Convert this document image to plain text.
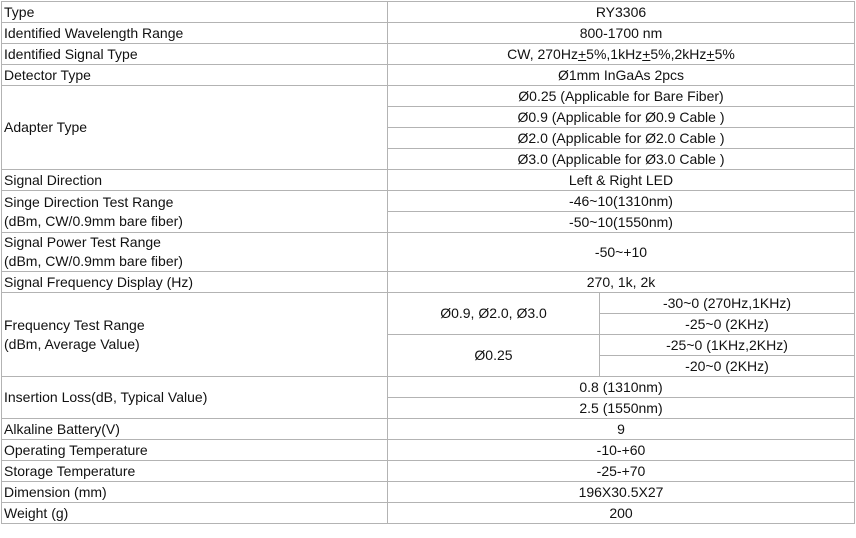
Type	RY3306	
Identified Wavelength Range	800-1700 nm	
Identified Signal Type	CW, 270Hz+5%,1kHz+5%,2kHz+5%	
Detector Type	Ø1mm InGaAs 2pcs	
Adapter Type	Ø0.25 (Applicable for Bare Fiber)	
	Ø0.9 (Applicable for Ø0.9 Cable )	
	Ø2.0 (Applicable for Ø2.0 Cable )	
	Ø3.0 (Applicable for Ø3.0 Cable )	
Signal Direction	Left & Right LED	

Singe Direction Test Range
(dBm, CW/0.9mm bare fiber)	-46~10(1310nm)	
	-50~10(1550nm)	

Signal Power Test Range
(dBm, CW/0.9mm bare fiber)	-50~+10	
Signal Frequency Display (Hz)	270, 1k, 2k	

Frequency Test Range
(dBm, Average Value)	Ø0.9, Ø2.0, Ø3.0	-30~0 (270Hz,1KHz)
		-25~0 (2KHz)
	Ø0.25	-25~0 (1KHz,2KHz)
		-20~0 (2KHz)
Insertion Loss(dB, Typical Value)	0.8 (1310nm)	
	2.5 (1550nm)	
Alkaline Battery(V)	9	
Operating Temperature	-10-+60	
Storage Temperature	-25-+70	
Dimension (mm)	196X30.5X27	
Weight (g)	200	
